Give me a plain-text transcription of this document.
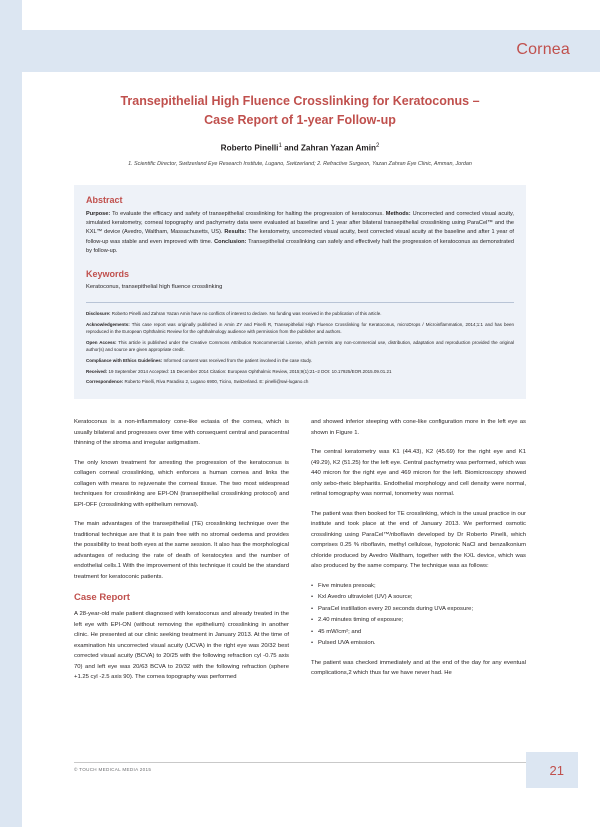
Cornea
Transepithelial High Fluence Crosslinking for Keratoconus –
Case Report of 1-year Follow-up

Roberto Pinelli$^1$ and Zahran Yazan Amin$^2$

1. Scientific Director, Switzerland Eye Research Institute, Lugano, Switzerland; 2. Refractive Surgeon, Yazan Zahran Eye Clinic, Amman, Jordan

Abstract

Purpose: To evaluate the efficacy and safety of transepithelial crosslinking for halting the progression of keratoconus. Methods: Uncorrected and corrected visual acuity, simulated keratometry, corneal topography and pachymetry data were evaluated at baseline and 1 year after bilateral transepithelial crosslinking using ParaCel™ and the KXL™ device (Avedro, Waltham, Massachusetts, US). Results: The keratometry, uncorrected visual acuity, best corrected visual acuity at the baseline and after 1 year of follow-up was stable and even improved with time. Conclusion: Transepithelial crosslinking can safely and effectively halt the progression of keratoconus as demonstrated by follow-up.

Keywords

Keratoconus, transepithelial high fluence crosslinking

Disclosure: Roberto Pinelli and Zahran Yazan Amin have no conflicts of interest to declare. No funding was received in the publication of this article.

Acknowledgements: This case report was originally published in Amin ZY and Pinelli R, Transepithelial High Fluence Crosslinking for Keratoconus, microDrops / Microinflammation, 2014;1:1 and has been reproduced in the European Ophthalmic Review for the ophthalmology audience with permission from the publisher and authors.

Open Access: This article is published under the Creative Commons Attribution Noncommercial License, which permits any non-commercial use, distribution, adaptation and reproduction provided the original author(s) and source are given appropriate credit.

Compliance with Ethics Guidelines: Informed consent was received from the patient involved in the case study.

Received: 19 September 2014 Accepted: 15 December 2014 Citation: European Ophthalmic Review, 2015;9(1):21–2 DOI: 10.17925/EOR.2015.09.01.21

Correspondence: Roberto Pinelli, Riva Paradiso 2, Lugano 6900, Ticino, Switzerland. E: pinelli@swi-lugano.ch

Keratoconus is a non-inflammatory cone-like ectasia of the cornea, which is usually bilateral and progresses over time with consequent central and paracentral thinning of the stroma and irregular astigmatism.

The only known treatment for arresting the progression of the keratoconus is collagen corneal crosslinking, which enforces a human cornea and links the collagen with means to rejuvenate the corneal tissue. The two most widespread techniques for crosslinking are EPI-ON (transepithelial crosslinking protocol) and EPI-OFF (crosslinking with epithelium removal).

The main advantages of the transepithelial (TE) crosslinking technique over the traditional technique are that it is pain free with no stromal oedema and provides the possibility to treat both eyes at the same session. It also has the morphological advantages of reducing the rate of death of keratocytes and the number of endothelial cells.1 With the improvement of this technique it could be the standard treatment for keratoconic patients.

Case Report

A 28-year-old male patient diagnosed with keratoconus and already treated in the left eye with EPI-ON (without removing the epithelium) crosslinking in another clinic. He presented at our clinic seeking treatment in January 2013. At the time of examination his uncorrected visual acuity (UCVA) in the right eye was 20/32 best corrected visual acuity (BCVA) to 20/25 with the following refraction cyl -0.75 axis 70) and left eye was 20/63 BCVA to 20/32 with the following refraction (sphere +1.25 cyl -2.5 axis 90). The cornea topography was performed

and showed inferior steeping with cone-like configuration more in the left eye as shown in Figure 1.

The central keratometry was K1 (44.43), K2 (45.69) for the right eye and K1 (49.29), K2 (51.25) for the left eye. Central pachymetry was performed, which was 440 micron for the right eye and 469 micron for the left. Biomicroscopy showed only sebo-rheic blepharitis. Endothelial morphology and cell density were normal, retinal tomography was normal, tonometry was normal.

The patient was then booked for TE crosslinking, which is the usual practice in our institute and took place at the end of January 2013. We performed osmotic crosslinking using ParaCel™/riboflavin developed by Dr Roberto Pinelli, which comprises 0.25 % riboflavin, methyl cellulose, hypotonic NaCl and benzalkonium chloride produced by Avedro Waltham, together with the KXL device, which was also produced by the same company. The technique was as follows:

• Five minutes presoak;
• Kxl Avedro ultraviolet (UV) A source;
• ParaCel instillation every 20 seconds during UVA exposure;
• 2.40 minutes timing of exposure;
• 45 mW/cm²; and
• Pulsed UVA emission.

The patient was checked immediately and at the end of the day for any eventual complications,2 which thus far we have never had. He

© TOUCH MEDICAL MEDIA 2015	21
